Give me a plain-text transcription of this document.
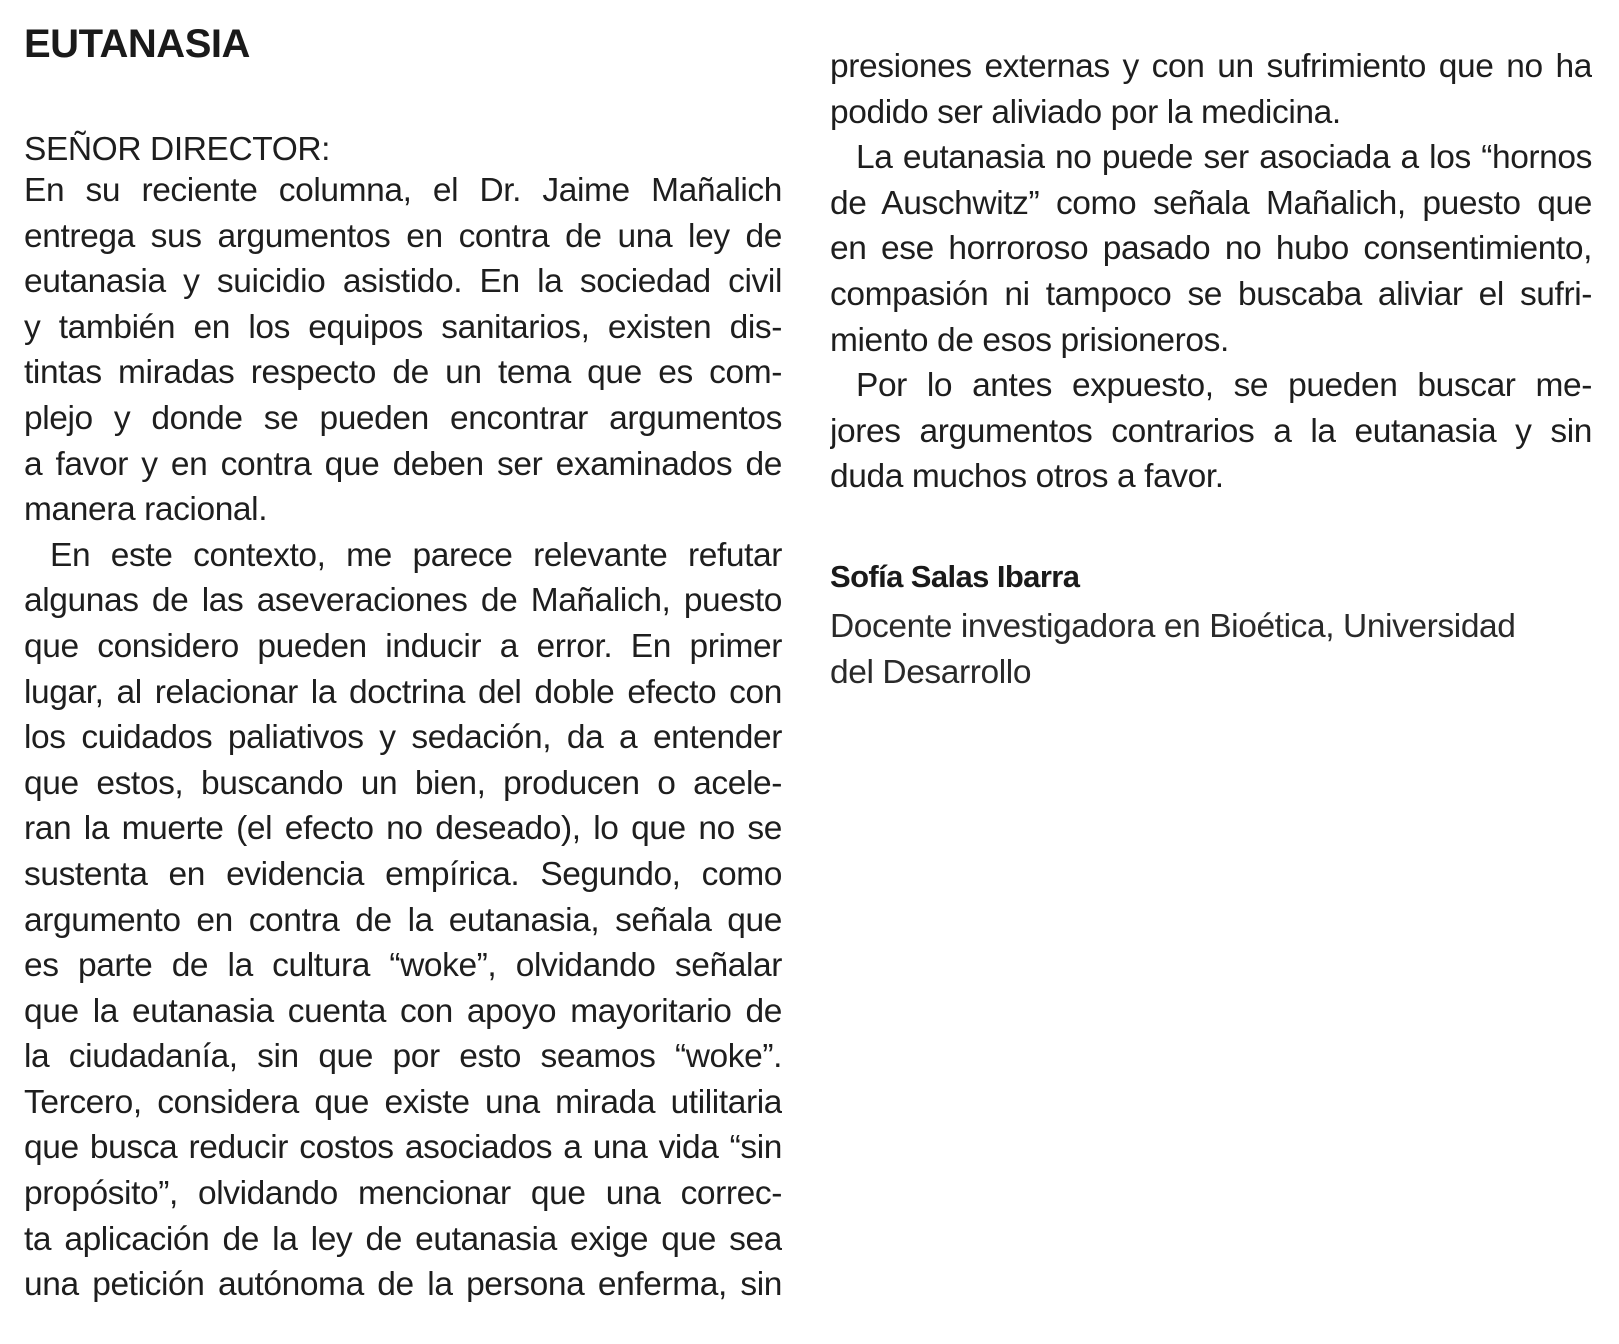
EUTANASIA
SEÑOR DIRECTOR:
En su reciente columna, el Dr. Jaime Mañalich
entrega sus argumentos en contra de una ley de
eutanasia y suicidio asistido. En la sociedad civil
y también en los equipos sanitarios, existen dis-
tintas miradas respecto de un tema que es com-
plejo y donde se pueden encontrar argumentos
a favor y en contra que deben ser examinados de
manera racional.
En este contexto, me parece relevante refutar
algunas de las aseveraciones de Mañalich, puesto
que considero pueden inducir a error. En primer
lugar, al relacionar la doctrina del doble efecto con
los cuidados paliativos y sedación, da a entender
que estos, buscando un bien, producen o acele-
ran la muerte (el efecto no deseado), lo que no se
sustenta en evidencia empírica. Segundo, como
argumento en contra de la eutanasia, señala que
es parte de la cultura “woke”, olvidando señalar
que la eutanasia cuenta con apoyo mayoritario de
la ciudadanía, sin que por esto seamos “woke”.
Tercero, considera que existe una mirada utilitaria
que busca reducir costos asociados a una vida “sin
propósito”, olvidando mencionar que una correc-
ta aplicación de la ley de eutanasia exige que sea
una petición autónoma de la persona enferma, sin
presiones externas y con un sufrimiento que no ha
podido ser aliviado por la medicina.
La eutanasia no puede ser asociada a los “hornos
de Auschwitz” como señala Mañalich, puesto que
en ese horroroso pasado no hubo consentimiento,
compasión ni tampoco se buscaba aliviar el sufri-
miento de esos prisioneros.
Por lo antes expuesto, se pueden buscar me-
jores argumentos contrarios a la eutanasia y sin
duda muchos otros a favor.
Sofía Salas Ibarra
Docente investigadora en Bioética, Universidad
del Desarrollo
